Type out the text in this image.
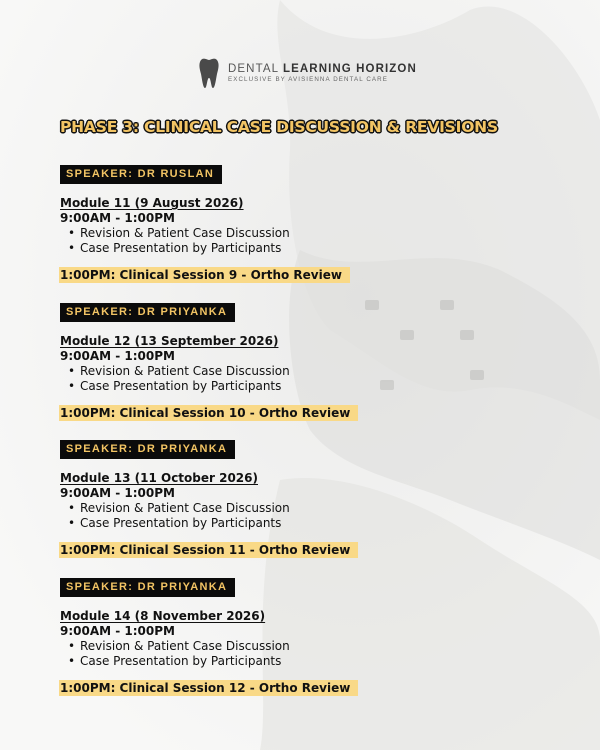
DENTAL LEARNING HORIZON
EXCLUSIVE BY AVISIENNA DENTAL CARE
PHASE 3: CLINICAL CASE DISCUSSION & REVISIONS
SPEAKER: DR RUSLAN
Module 11 (9 August 2026)
9:00AM - 1:00PM
• Revision & Patient Case Discussion
• Case Presentation by Participants
1:00PM: Clinical Session 9 - Ortho Review
SPEAKER: DR PRIYANKA
Module 12 (13 September 2026)
9:00AM - 1:00PM
• Revision & Patient Case Discussion
• Case Presentation by Participants
1:00PM: Clinical Session 10 - Ortho Review
SPEAKER: DR PRIYANKA
Module 13 (11 October 2026)
9:00AM - 1:00PM
• Revision & Patient Case Discussion
• Case Presentation by Participants
1:00PM: Clinical Session 11 - Ortho Review
SPEAKER: DR PRIYANKA
Module 14 (8 November 2026)
9:00AM - 1:00PM
• Revision & Patient Case Discussion
• Case Presentation by Participants
1:00PM: Clinical Session 12 - Ortho Review
